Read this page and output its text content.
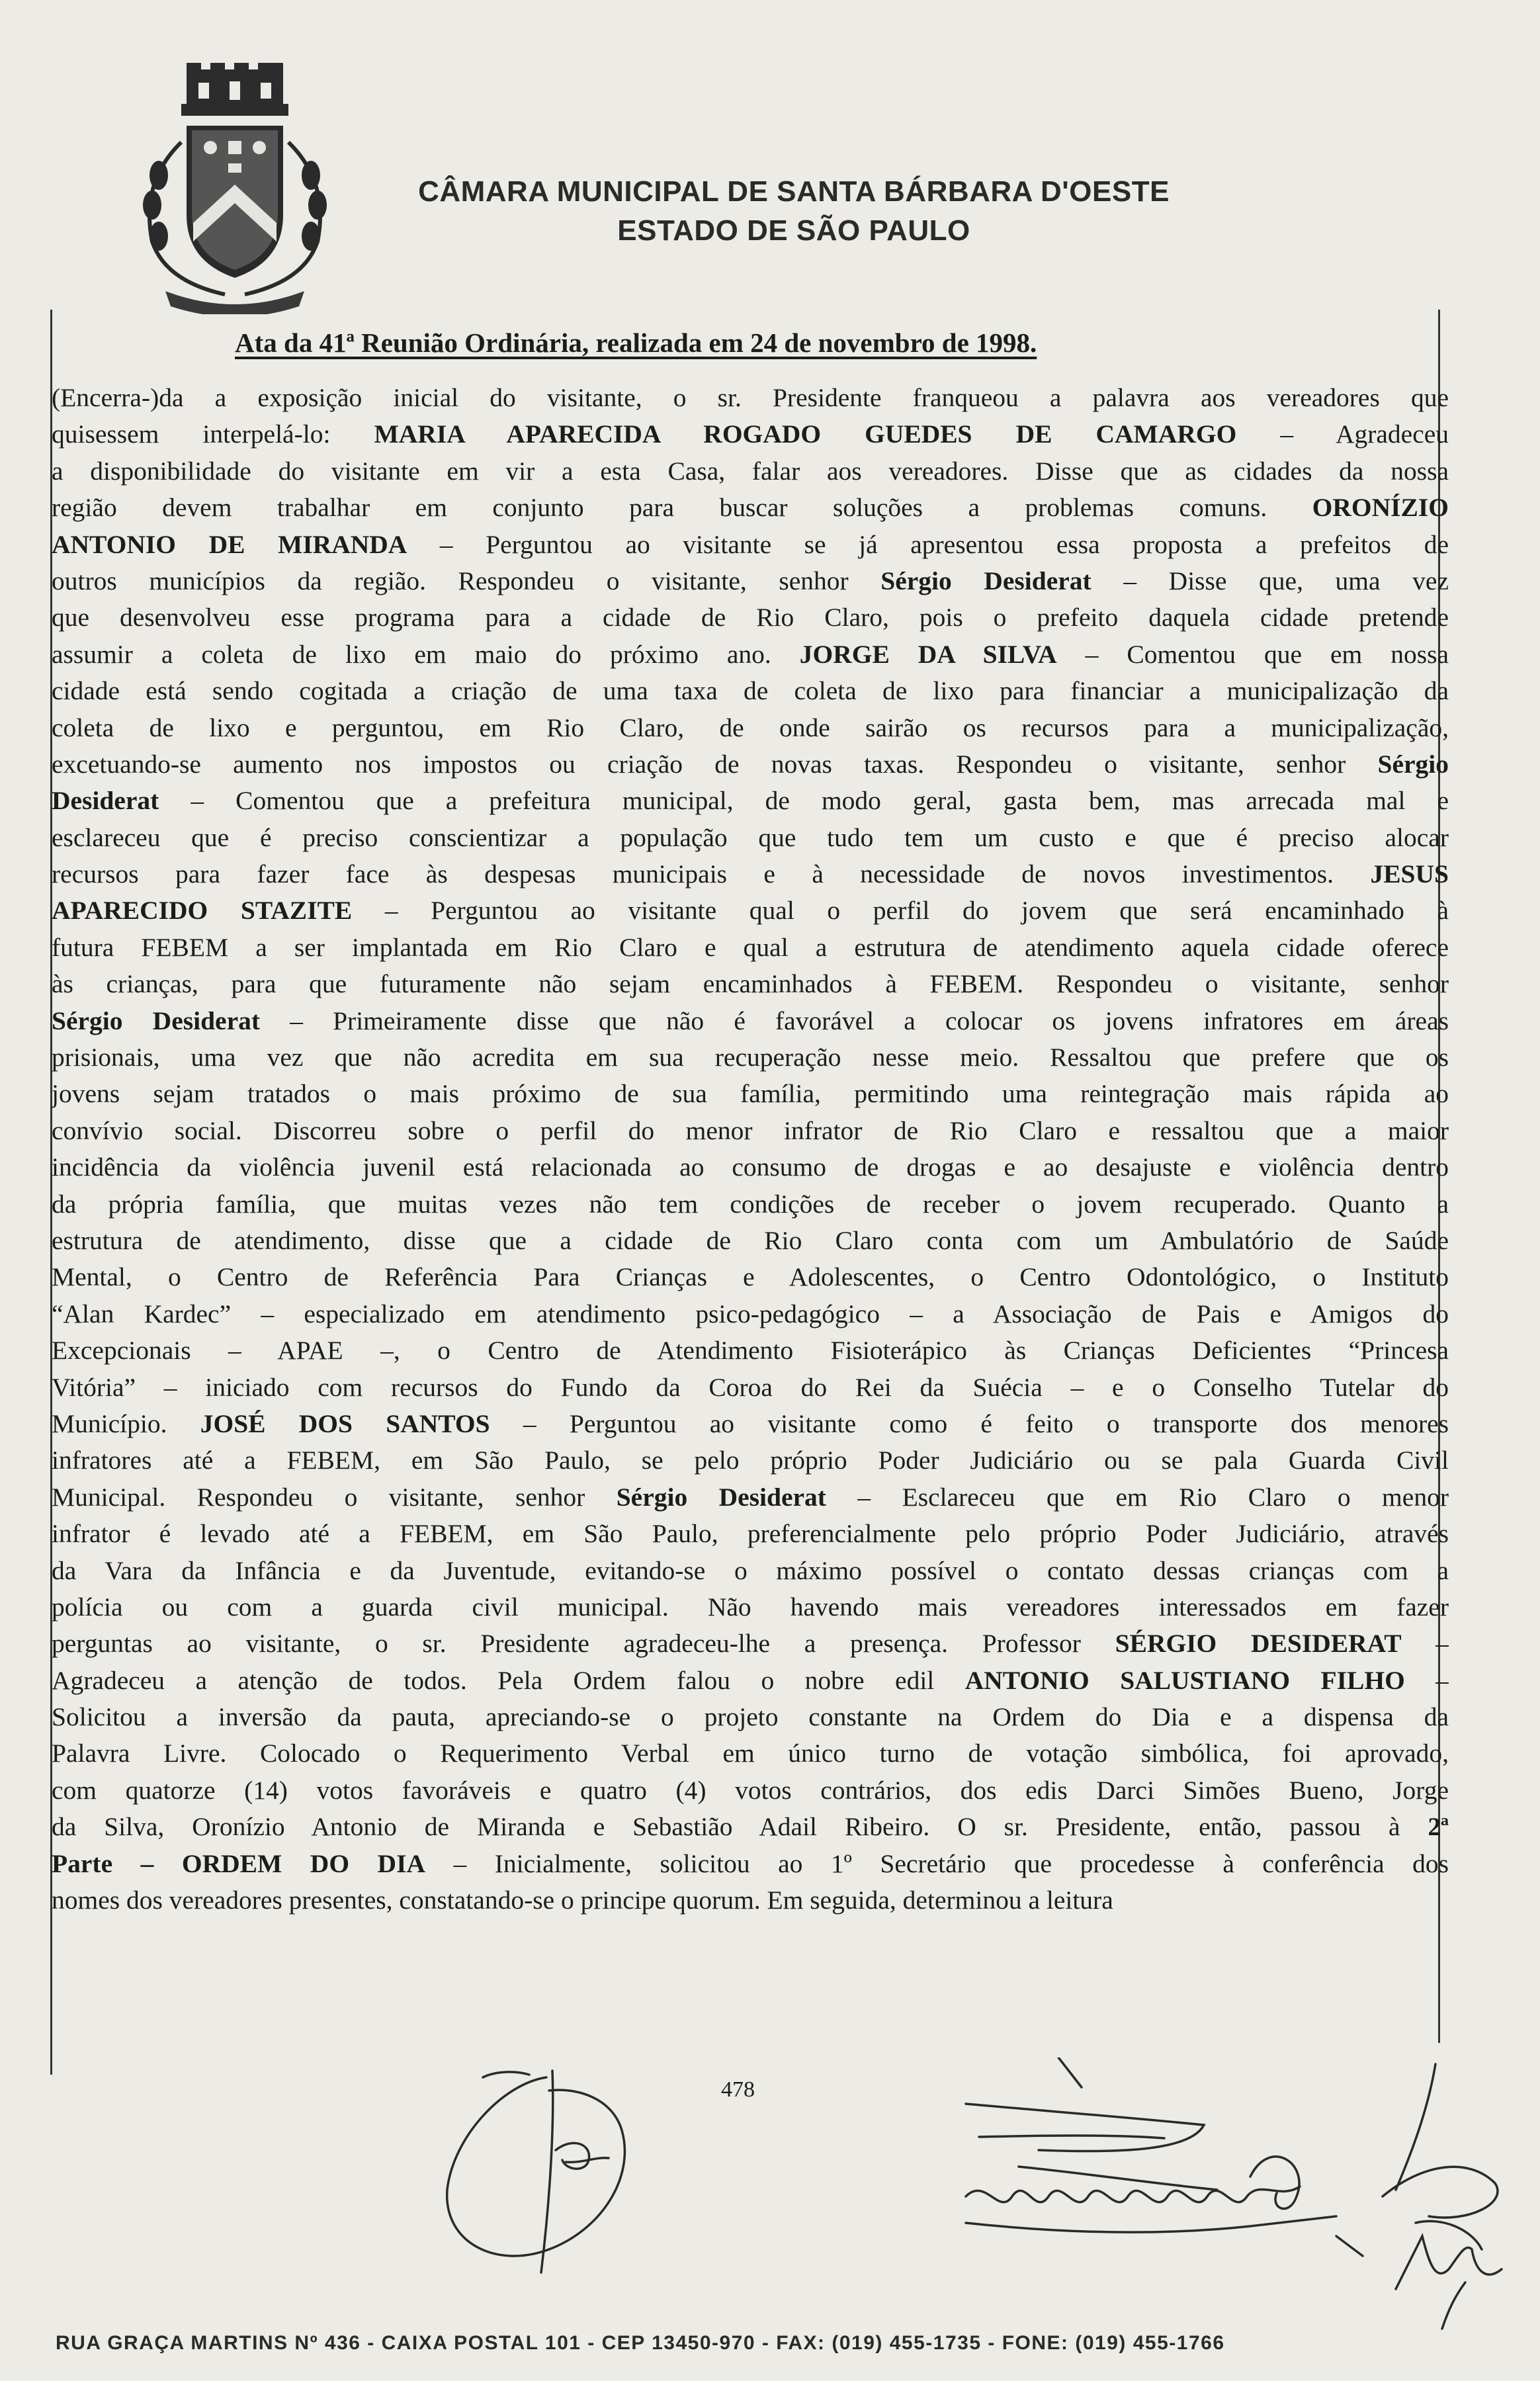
CÂMARA MUNICIPAL DE SANTA BÁRBARA D'OESTE
ESTADO DE SÃO PAULO
Ata da 41ª Reunião Ordinária, realizada em 24 de novembro de 1998.
(Encerra-)da a exposição inicial do visitante, o sr. Presidente franqueou a palavra aos vereadores que
quisessem interpelá-lo: MARIA APARECIDA ROGADO GUEDES DE CAMARGO – Agradeceu
a disponibilidade do visitante em vir a esta Casa, falar aos vereadores. Disse que as cidades da nossa
região devem trabalhar em conjunto para buscar soluções a problemas comuns. ORONÍZIO
ANTONIO DE MIRANDA – Perguntou ao visitante se já apresentou essa proposta a prefeitos de
outros municípios da região. Respondeu o visitante, senhor Sérgio Desiderat – Disse que, uma vez
que desenvolveu esse programa para a cidade de Rio Claro, pois o prefeito daquela cidade pretende
assumir a coleta de lixo em maio do próximo ano. JORGE DA SILVA – Comentou que em nossa
cidade está sendo cogitada a criação de uma taxa de coleta de lixo para financiar a municipalização da
coleta de lixo e perguntou, em Rio Claro, de onde sairão os recursos para a municipalização,
excetuando-se aumento nos impostos ou criação de novas taxas. Respondeu o visitante, senhor Sérgio
Desiderat – Comentou que a prefeitura municipal, de modo geral, gasta bem, mas arrecada mal e
esclareceu que é preciso conscientizar a população que tudo tem um custo e que é preciso alocar
recursos para fazer face às despesas municipais e à necessidade de novos investimentos. JESUS
APARECIDO STAZITE – Perguntou ao visitante qual o perfil do jovem que será encaminhado à
futura FEBEM a ser implantada em Rio Claro e qual a estrutura de atendimento aquela cidade oferece
às crianças, para que futuramente não sejam encaminhados à FEBEM. Respondeu o visitante, senhor
Sérgio Desiderat – Primeiramente disse que não é favorável a colocar os jovens infratores em áreas
prisionais, uma vez que não acredita em sua recuperação nesse meio. Ressaltou que prefere que os
jovens sejam tratados o mais próximo de sua família, permitindo uma reintegração mais rápida ao
convívio social. Discorreu sobre o perfil do menor infrator de Rio Claro e ressaltou que a maior
incidência da violência juvenil está relacionada ao consumo de drogas e ao desajuste e violência dentro
da própria família, que muitas vezes não tem condições de receber o jovem recuperado. Quanto a
estrutura de atendimento, disse que a cidade de Rio Claro conta com um Ambulatório de Saúde
Mental, o Centro de Referência Para Crianças e Adolescentes, o Centro Odontológico, o Instituto
“Alan Kardec” – especializado em atendimento psico-pedagógico – a Associação de Pais e Amigos do
Excepcionais – APAE –, o Centro de Atendimento Fisioterápico às Crianças Deficientes “Princesa
Vitória” – iniciado com recursos do Fundo da Coroa do Rei da Suécia – e o Conselho Tutelar do
Município. JOSÉ DOS SANTOS – Perguntou ao visitante como é feito o transporte dos menores
infratores até a FEBEM, em São Paulo, se pelo próprio Poder Judiciário ou se pala Guarda Civil
Municipal. Respondeu o visitante, senhor Sérgio Desiderat – Esclareceu que em Rio Claro o menor
infrator é levado até a FEBEM, em São Paulo, preferencialmente pelo próprio Poder Judiciário, através
da Vara da Infância e da Juventude, evitando-se o máximo possível o contato dessas crianças com a
polícia ou com a guarda civil municipal. Não havendo mais vereadores interessados em fazer
perguntas ao visitante, o sr. Presidente agradeceu-lhe a presença. Professor SÉRGIO DESIDERAT –
Agradeceu a atenção de todos. Pela Ordem falou o nobre edil ANTONIO SALUSTIANO FILHO –
Solicitou a inversão da pauta, apreciando-se o projeto constante na Ordem do Dia e a dispensa da
Palavra Livre. Colocado o Requerimento Verbal em único turno de votação simbólica, foi aprovado,
com quatorze (14) votos favoráveis e quatro (4) votos contrários, dos edis Darci Simões Bueno, Jorge
da Silva, Oronízio Antonio de Miranda e Sebastião Adail Ribeiro. O sr. Presidente, então, passou à 2ª
Parte – ORDEM DO DIA – Inicialmente, solicitou ao 1º Secretário que procedesse à conferência dos
nomes dos vereadores presentes, constatando-se o principe quorum. Em seguida, determinou a leitura
478
RUA GRAÇA MARTINS Nº 436 - CAIXA POSTAL 101 - CEP 13450-970 - FAX: (019) 455-1735 - FONE: (019) 455-1766
